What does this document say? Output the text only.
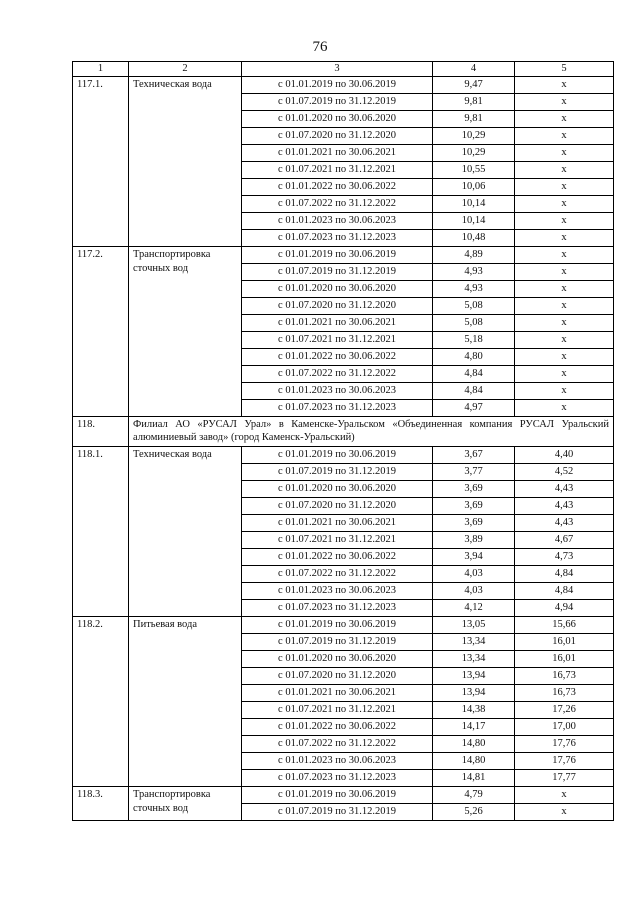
76
1	2	3	4	5
117.1.	Техническая вода	с 01.01.2019 по 30.06.2019	9,47	х
		с 01.07.2019 по 31.12.2019	9,81	х
		с 01.01.2020 по 30.06.2020	9,81	х
		с 01.07.2020 по 31.12.2020	10,29	х
		с 01.01.2021 по 30.06.2021	10,29	х
		с 01.07.2021 по 31.12.2021	10,55	х
		с 01.01.2022 по 30.06.2022	10,06	х
		с 01.07.2022 по 31.12.2022	10,14	х
		с 01.01.2023 по 30.06.2023	10,14	х
		с 01.07.2023 по 31.12.2023	10,48	х
117.2.	Транспортировка сточных вод	с 01.01.2019 по 30.06.2019	4,89	х
		с 01.07.2019 по 31.12.2019	4,93	х
		с 01.01.2020 по 30.06.2020	4,93	х
		с 01.07.2020 по 31.12.2020	5,08	х
		с 01.01.2021 по 30.06.2021	5,08	х
		с 01.07.2021 по 31.12.2021	5,18	х
		с 01.01.2022 по 30.06.2022	4,80	х
		с 01.07.2022 по 31.12.2022	4,84	х
		с 01.01.2023 по 30.06.2023	4,84	х
		с 01.07.2023 по 31.12.2023	4,97	х
118.	Филиал АО «РУСАЛ Урал» в Каменске-Уральском «Объединенная компания РУСАЛ Уральский алюминиевый завод» (город Каменск-Уральский)			
118.1.	Техническая вода	с 01.01.2019 по 30.06.2019	3,67	4,40
		с 01.07.2019 по 31.12.2019	3,77	4,52
		с 01.01.2020 по 30.06.2020	3,69	4,43
		с 01.07.2020 по 31.12.2020	3,69	4,43
		с 01.01.2021 по 30.06.2021	3,69	4,43
		с 01.07.2021 по 31.12.2021	3,89	4,67
		с 01.01.2022 по 30.06.2022	3,94	4,73
		с 01.07.2022 по 31.12.2022	4,03	4,84
		с 01.01.2023 по 30.06.2023	4,03	4,84
		с 01.07.2023 по 31.12.2023	4,12	4,94
118.2.	Питьевая вода	с 01.01.2019 по 30.06.2019	13,05	15,66
		с 01.07.2019 по 31.12.2019	13,34	16,01
		с 01.01.2020 по 30.06.2020	13,34	16,01
		с 01.07.2020 по 31.12.2020	13,94	16,73
		с 01.01.2021 по 30.06.2021	13,94	16,73
		с 01.07.2021 по 31.12.2021	14,38	17,26
		с 01.01.2022 по 30.06.2022	14,17	17,00
		с 01.07.2022 по 31.12.2022	14,80	17,76
		с 01.01.2023 по 30.06.2023	14,80	17,76
		с 01.07.2023 по 31.12.2023	14,81	17,77
118.3.	Транспортировка сточных вод	с 01.01.2019 по 30.06.2019	4,79	х
		с 01.07.2019 по 31.12.2019	5,26	х
